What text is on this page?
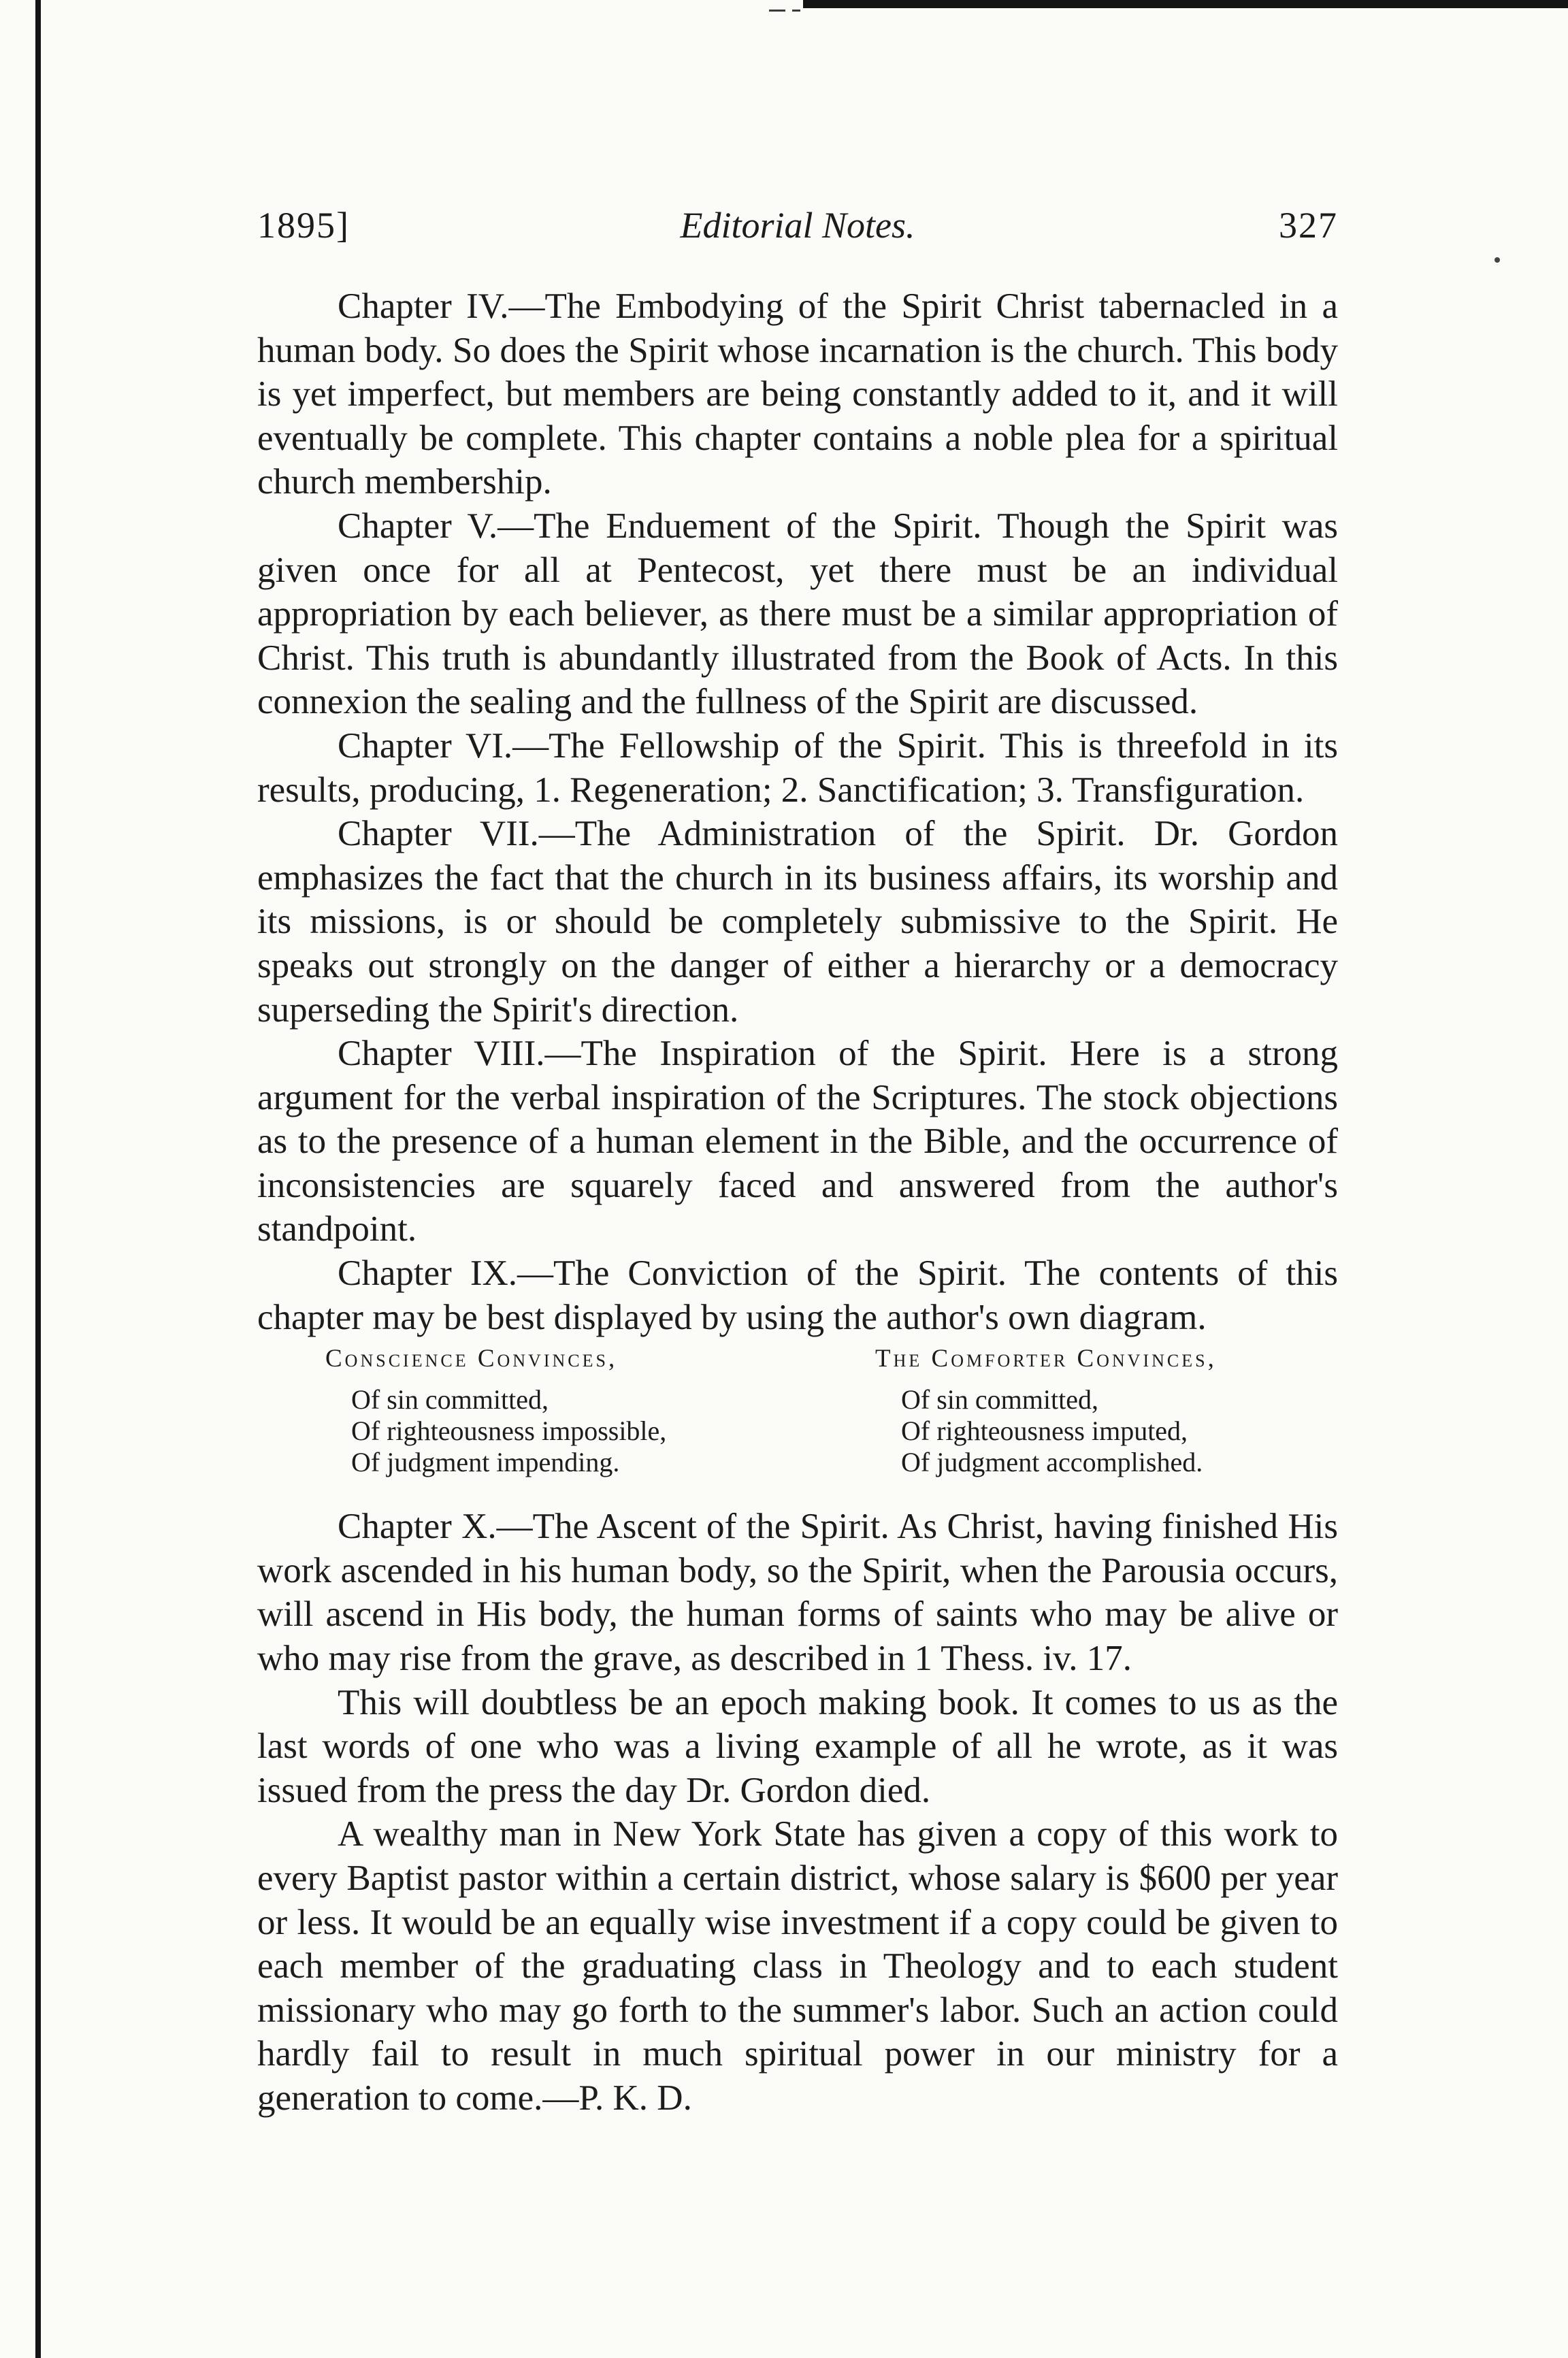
1895]	Editorial Notes.	327

Chapter IV.—The Embodying of the Spirit Christ tabernacled in a human body. So does the Spirit whose incarnation is the church. This body is yet imperfect, but members are being constantly added to it, and it will eventually be complete. This chapter contains a noble plea for a spiritual church membership.

Chapter V.—The Enduement of the Spirit. Though the Spirit was given once for all at Pentecost, yet there must be an individual appropriation by each believer, as there must be a similar appropriation of Christ. This truth is abundantly illustrated from the Book of Acts. In this connexion the sealing and the fullness of the Spirit are discussed.

Chapter VI.—The Fellowship of the Spirit. This is threefold in its results, producing, 1. Regeneration; 2. Sanctification; 3. Transfiguration.

Chapter VII.—The Administration of the Spirit. Dr. Gordon emphasizes the fact that the church in its business affairs, its worship and its missions, is or should be completely submissive to the Spirit. He speaks out strongly on the danger of either a hierarchy or a democracy superseding the Spirit's direction.

Chapter VIII.—The Inspiration of the Spirit. Here is a strong argument for the verbal inspiration of the Scriptures. The stock objections as to the presence of a human element in the Bible, and the occurrence of inconsistencies are squarely faced and answered from the author's standpoint.

Chapter IX.—The Conviction of the Spirit. The contents of this chapter may be best displayed by using the author's own diagram.

Conscience Convinces,
Of sin committed,
Of righteousness impossible,
Of judgment impending.
The Comforter Convinces,
Of sin committed,
Of righteousness imputed,
Of judgment accomplished.

Chapter X.—The Ascent of the Spirit. As Christ, having finished His work ascended in his human body, so the Spirit, when the Parousia occurs, will ascend in His body, the human forms of saints who may be alive or who may rise from the grave, as described in 1 Thess. iv. 17.

This will doubtless be an epoch making book. It comes to us as the last words of one who was a living example of all he wrote, as it was issued from the press the day Dr. Gordon died.

A wealthy man in New York State has given a copy of this work to every Baptist pastor within a certain district, whose salary is $600 per year or less. It would be an equally wise investment if a copy could be given to each member of the graduating class in Theology and to each student missionary who may go forth to the summer's labor. Such an action could hardly fail to result in much spiritual power in our ministry for a generation to come.—P. K. D.
